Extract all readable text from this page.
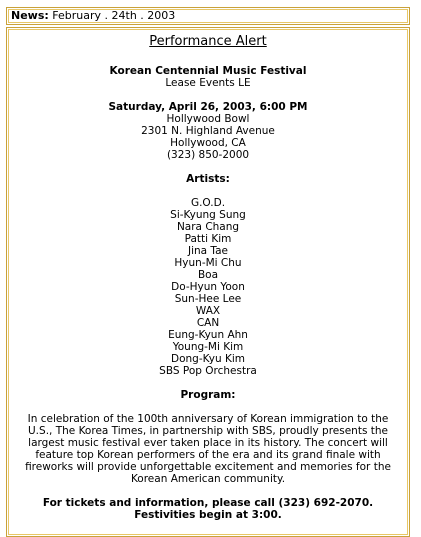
News: February . 24th . 2003
Performance Alert
Korean Centennial Music Festival
Lease Events LE
Saturday, April 26, 2003, 6:00 PM
Hollywood Bowl
2301 N. Highland Avenue
Hollywood, CA
(323) 850-2000
Artists:
G.O.D.
Si-Kyung Sung
Nara Chang
Patti Kim
Jina Tae
Hyun-Mi Chu
Boa
Do-Hyun Yoon
Sun-Hee Lee
WAX
CAN
Eung-Kyun Ahn
Young-Mi Kim
Dong-Kyu Kim
SBS Pop Orchestra
Program:

In celebration of the 100th anniversary of Korean immigration to the U.S., The Korea Times, in partnership with SBS, proudly presents the largest music festival ever taken place in its history. The concert will feature top Korean performers of the era and its grand finale with fireworks will provide unforgettable excitement and memories for the Korean American community.

For tickets and information, please call (323) 692-2070. Festivities begin at 3:00.
